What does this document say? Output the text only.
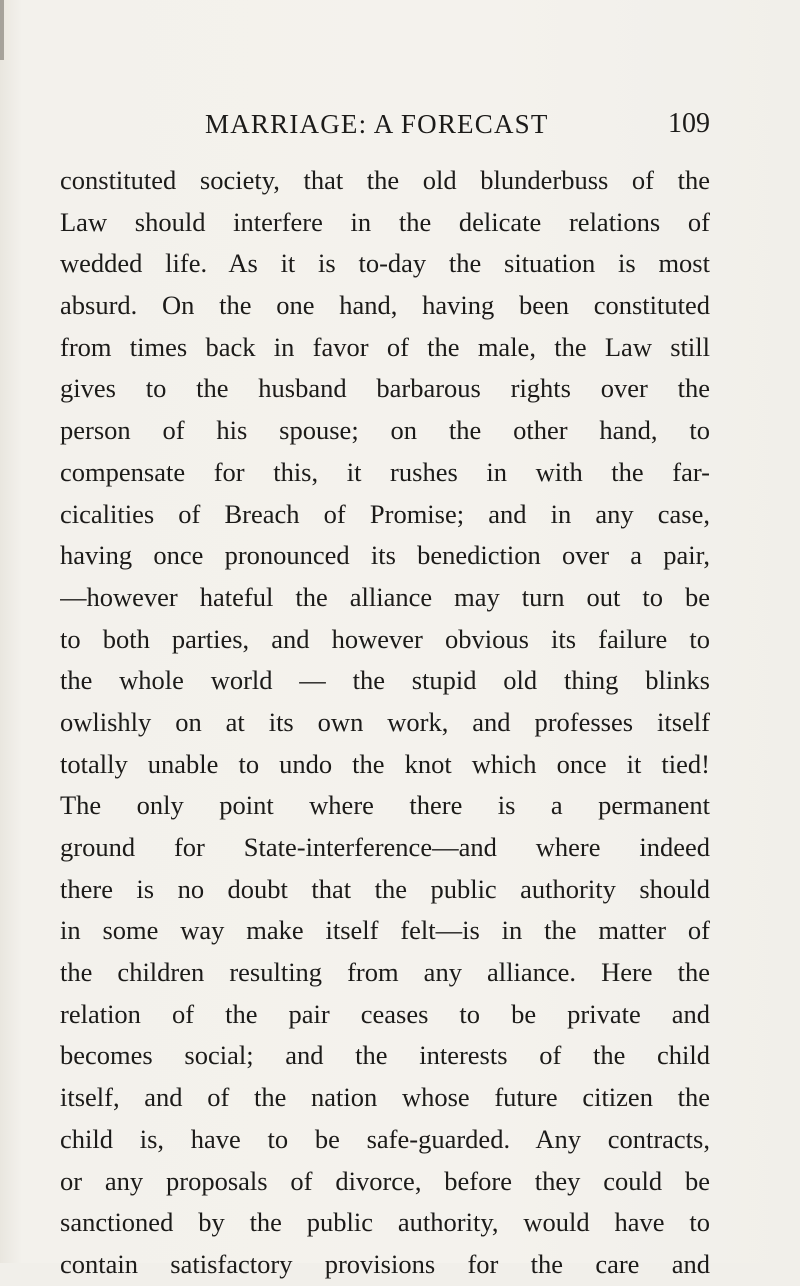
MARRIAGE: A FORECAST	109
constituted society, that the old blunderbuss of the
Law should interfere in the delicate relations of
wedded life. As it is to-day the situation is most
absurd. On the one hand, having been constituted
from times back in favor of the male, the Law still
gives to the husband barbarous rights over the
person of his spouse; on the other hand, to
compensate for this, it rushes in with the far-
cicalities of Breach of Promise; and in any case,
having once pronounced its benediction over a pair,
—however hateful the alliance may turn out to be
to both parties, and however obvious its failure to
the whole world — the stupid old thing blinks
owlishly on at its own work, and professes itself
totally unable to undo the knot which once it tied!
The only point where there is a permanent
ground for State-interference—and where indeed
there is no doubt that the public authority should
in some way make itself felt—is in the matter of
the children resulting from any alliance. Here the
relation of the pair ceases to be private and
becomes social; and the interests of the child
itself, and of the nation whose future citizen the
child is, have to be safe-guarded. Any contracts,
or any proposals of divorce, before they could be
sanctioned by the public authority, would have to
contain satisfactory provisions for the care and
